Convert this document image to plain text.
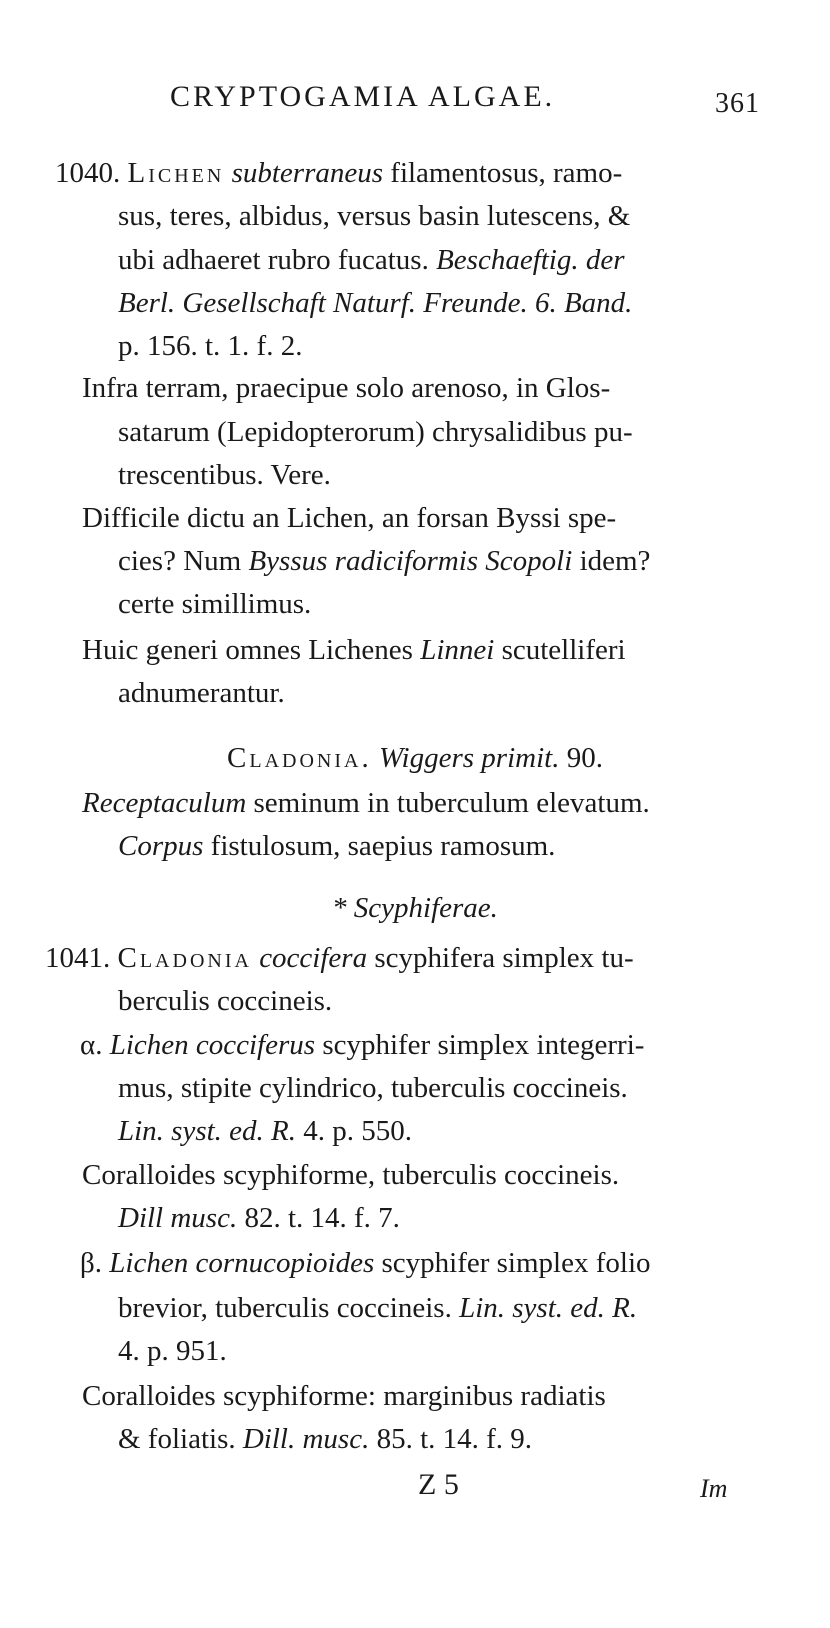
CRYPTOGAMIA ALGAE.	361
1040. Lichen subterraneus filamentosus, ramo-
sus, teres, albidus, versus basin lutescens, &
ubi adhaeret rubro fucatus. Beschaeftig. der
Berl. Gesellschaft Naturf. Freunde. 6. Band.
p. 156. t. 1. f. 2.
Infra terram, praecipue solo arenoso, in Glos-
satarum (Lepidopterorum) chrysalidibus pu-
trescentibus. Vere.
Difficile dictu an Lichen, an forsan Byssi spe-
cies? Num Byssus radiciformis Scopoli idem?
certe simillimus.
Huic generi omnes Lichenes Linnei scutelliferi
adnumerantur.
Cladonia. Wiggers primit. 90.
Receptaculum seminum in tuberculum elevatum.
Corpus fistulosum, saepius ramosum.
* Scyphiferae.
1041. Cladonia coccifera scyphifera simplex tu-
berculis coccineis.
α. Lichen cocciferus scyphifer simplex integerri-
mus, stipite cylindrico, tuberculis coccineis.
Lin. syst. ed. R. 4. p. 550.
Coralloides scyphiforme, tuberculis coccineis.
Dill musc. 82. t. 14. f. 7.
β. Lichen cornucopioides scyphifer simplex folio
brevior, tuberculis coccineis. Lin. syst. ed. R.
4. p. 951.
Coralloides scyphiforme: marginibus radiatis
& foliatis. Dill. musc. 85. t. 14. f. 9.
Z 5	Im
